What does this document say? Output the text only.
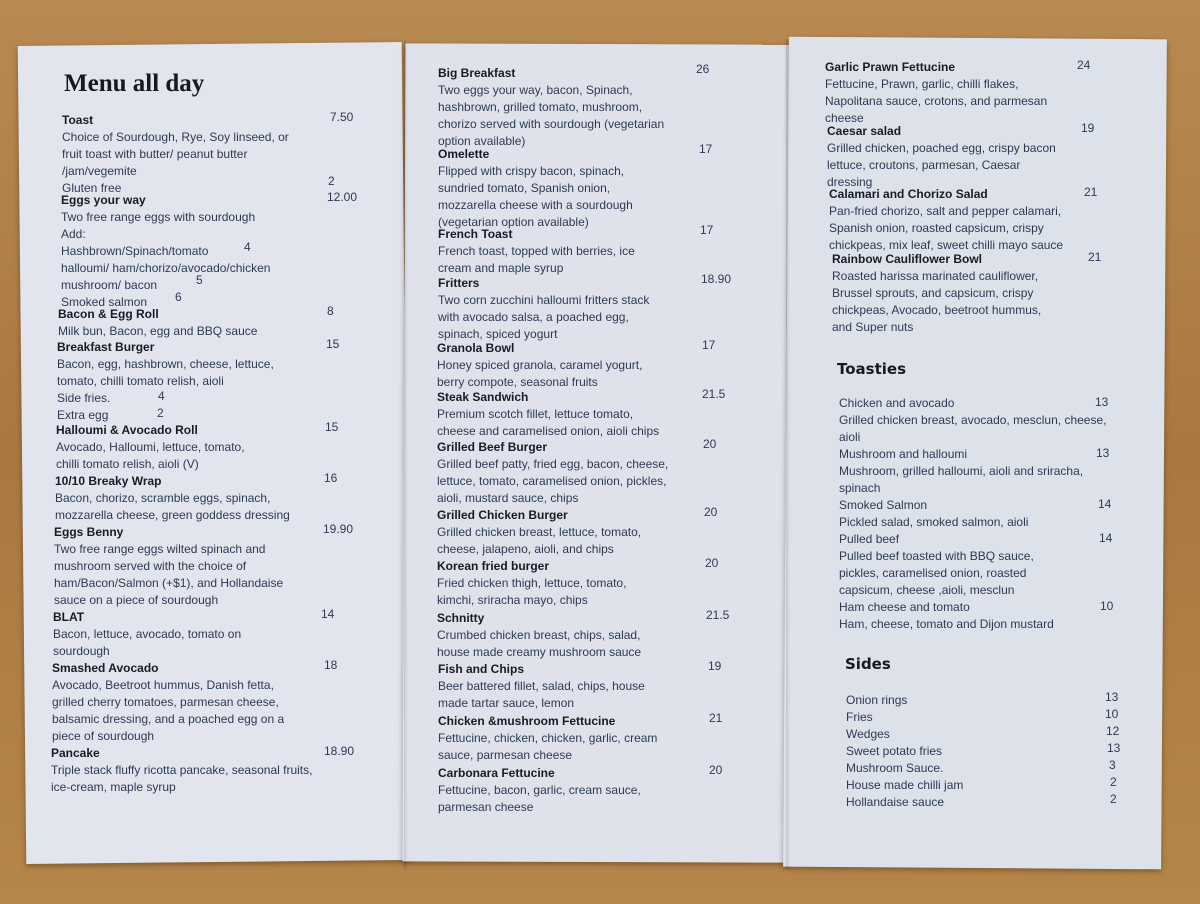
Menu all day
Toast
Choice of Sourdough, Rye, Soy linseed, or
fruit toast with butter/ peanut butter
/jam/vegemite
Gluten free
7.50
2
Eggs your way
Two free range eggs with sourdough
Add:
Hashbrown/Spinach/tomato
halloumi/ ham/chorizo/avocado/chicken
mushroom/ bacon
Smoked salmon
12.00
4
5
6
Bacon & Egg Roll
Milk bun, Bacon, egg and BBQ sauce
8
Breakfast Burger
Bacon, egg, hashbrown, cheese, lettuce,
tomato, chilli tomato relish, aioli
Side fries.
Extra egg
15
4
2
Halloumi & Avocado Roll
Avocado, Halloumi, lettuce, tomato,
chilli tomato relish, aioli (V)
15
10/10 Breaky Wrap
Bacon, chorizo, scramble eggs, spinach,
mozzarella cheese, green goddess dressing
16
Eggs Benny
Two free range eggs wilted spinach and
mushroom served with the choice of
ham/Bacon/Salmon (+$1), and Hollandaise
sauce on a piece of sourdough
19.90
BLAT
Bacon, lettuce, avocado, tomato on
sourdough
14
Smashed Avocado
Avocado, Beetroot hummus, Danish fetta,
grilled cherry tomatoes, parmesan cheese,
balsamic dressing, and a poached egg on a
piece of sourdough
18
Pancake
Triple stack fluffy ricotta pancake, seasonal fruits,
ice-cream, maple syrup
18.90
Big Breakfast
Two eggs your way, bacon, Spinach,
hashbrown, grilled tomato, mushroom,
chorizo served with sourdough (vegetarian
option available)
26
Omelette
Flipped with crispy bacon, spinach,
sundried tomato, Spanish onion,
mozzarella cheese with a sourdough
(vegetarian option available)
17
French Toast
French toast, topped with berries, ice
cream and maple syrup
17
Fritters
Two corn zucchini halloumi fritters stack
with avocado salsa, a poached egg,
spinach, spiced yogurt
18.90
Granola Bowl
Honey spiced granola, caramel yogurt,
berry compote, seasonal fruits
17
Steak Sandwich
Premium scotch fillet, lettuce tomato,
cheese and caramelised onion, aioli chips
21.5
Grilled Beef Burger
Grilled beef patty, fried egg, bacon, cheese,
lettuce, tomato, caramelised onion, pickles,
aioli, mustard sauce, chips
20
Grilled Chicken Burger
Grilled chicken breast, lettuce, tomato,
cheese, jalapeno, aioli, and chips
20
Korean fried burger
Fried chicken thigh, lettuce, tomato,
kimchi, sriracha mayo, chips
20
Schnitty
Crumbed chicken breast, chips, salad,
house made creamy mushroom sauce
21.5
Fish and Chips
Beer battered fillet, salad, chips, house
made tartar sauce, lemon
19
Chicken &mushroom Fettucine
Fettucine, chicken, chicken, garlic, cream
sauce, parmesan cheese
21
Carbonara Fettucine
Fettucine, bacon, garlic, cream sauce,
parmesan cheese
20
Garlic Prawn Fettucine
Fettucine, Prawn, garlic, chilli flakes,
Napolitana sauce, crotons, and parmesan
cheese
24
Caesar salad
Grilled chicken, poached egg, crispy bacon
lettuce, croutons, parmesan, Caesar
dressing
19
Calamari and Chorizo Salad
Pan-fried chorizo, salt and pepper calamari,
Spanish onion, roasted capsicum, crispy
chickpeas, mix leaf, sweet chilli mayo sauce
21
Rainbow Cauliflower Bowl
Roasted harissa marinated cauliflower,
Brussel sprouts, and capsicum, crispy
chickpeas, Avocado, beetroot hummus,
and Super nuts
21
Toasties
Chicken and avocado
Grilled chicken breast, avocado, mesclun, cheese,
aioli
Mushroom and halloumi
Mushroom, grilled halloumi, aioli and sriracha,
spinach
Smoked Salmon
Pickled salad, smoked salmon, aioli
Pulled beef
Pulled beef toasted with BBQ sauce,
pickles, caramelised onion, roasted
capsicum, cheese ,aioli, mesclun
Ham cheese and tomato
Ham, cheese, tomato and Dijon mustard
13
13
14
14
10
Sides
Onion rings
Fries
Wedges
Sweet potato fries
Mushroom Sauce.
House made chilli jam
Hollandaise sauce
13
10
12
13
3
2
2
